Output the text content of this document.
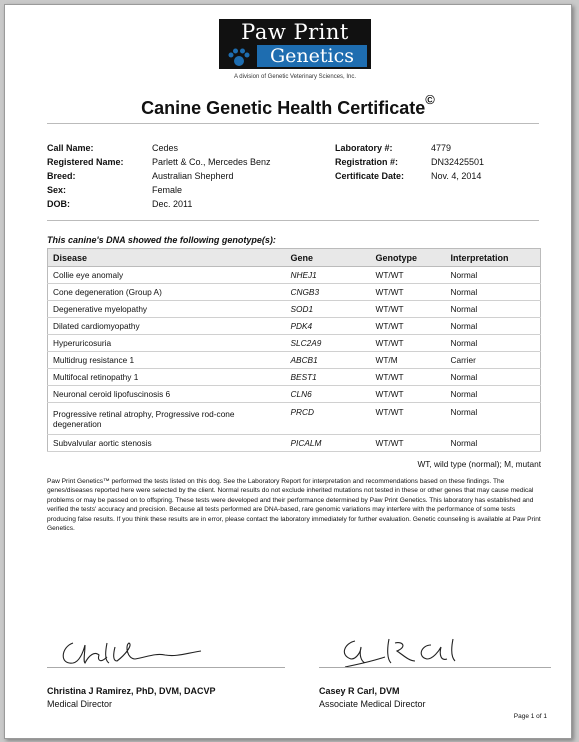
Paw Print
Genetics
A division of Genetic Veterinary Sciences, Inc.
Canine Genetic Health Certificate©
Call Name:	Cedes
Registered Name:	Parlett & Co., Mercedes Benz
Breed:	Australian Shepherd
Sex:	Female
DOB:	Dec. 2011
Laboratory #:	4779
Registration #:	DN32425501
Certificate Date:	Nov. 4, 2014
This canine's DNA showed the following genotype(s):
Disease	Gene	Genotype	Interpretation
Collie eye anomaly	NHEJ1	WT/WT	Normal
Cone degeneration (Group A)	CNGB3	WT/WT	Normal
Degenerative myelopathy	SOD1	WT/WT	Normal
Dilated cardiomyopathy	PDK4	WT/WT	Normal
Hyperuricosuria	SLC2A9	WT/WT	Normal
Multidrug resistance 1	ABCB1	WT/M	Carrier
Multifocal retinopathy 1	BEST1	WT/WT	Normal
Neuronal ceroid lipofuscinosis 6	CLN6	WT/WT	Normal
Progressive retinal atrophy, Progressive rod-cone degeneration	PRCD	WT/WT	Normal
Subvalvular aortic stenosis	PICALM	WT/WT	Normal
WT, wild type (normal); M, mutant
Paw Print Genetics™ performed the tests listed on this dog. See the Laboratory Report for interpretation and recommendations based on these findings. The genes/diseases reported here were selected by the client. Normal results do not exclude inherited mutations not tested in these or other genes that may cause medical problems or may be passed on to offspring. These tests were developed and their performance determined by Paw Print Genetics. This laboratory has established and verified the tests' accuracy and precision. Because all tests performed are DNA-based, rare genomic variations may interfere with the performance of some tests producing false results. If you think these results are in error, please contact the laboratory immediately for further evaluation. Genetic counseling is available at Paw Print Genetics.
Christina J Ramirez, PhD, DVM, DACVP
Medical Director
Casey R Carl, DVM
Associate Medical Director
Page 1 of 1
